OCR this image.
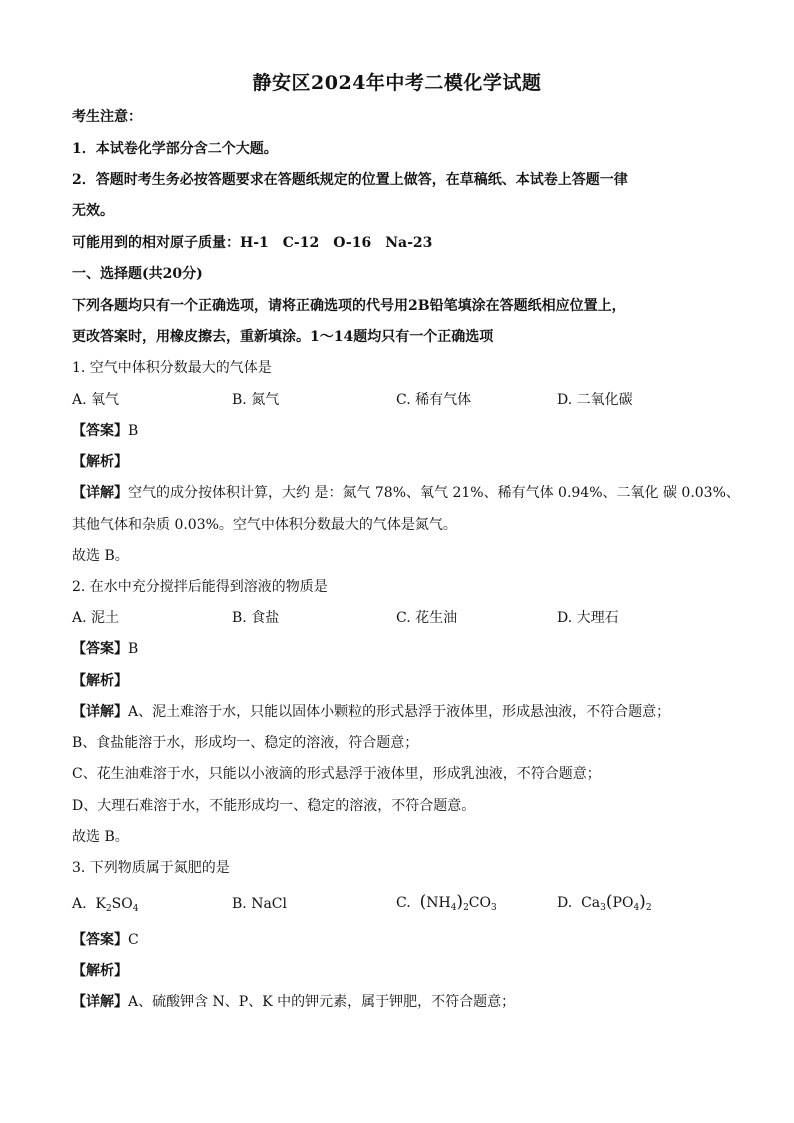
静安区2024年中考二模化学试题
考生注意：
1．本试卷化学部分含二个大题。
2．答题时考生务必按答题要求在答题纸规定的位置上做答，在草稿纸、本试卷上答题一律
无效。
可能用到的相对原子质量：H-1　C-12　O-16　Na-23
一、选择题(共20分)
下列各题均只有一个正确选项，请将正确选项的代号用2B铅笔填涂在答题纸相应位置上，
更改答案时，用橡皮擦去，重新填涂。1～14题均只有一个正确选项
1. 空气中体积分数最大的气体是
A. 氧气	B. 氮气	C. 稀有气体	D. 二氧化碳
【答案】B
【解析】
【详解】空气的成分按体积计算，大约 是：氮气 78%、氧气 21%、稀有气体 0.94%、二氧化 碳 0.03%、
其他气体和杂质 0.03%。空气中体积分数最大的气体是氮气。
故选 B。
2. 在水中充分搅拌后能得到溶液的物质是
A. 泥土	B. 食盐	C. 花生油	D. 大理石
【答案】B
【解析】
【详解】A、泥土难溶于水，只能以固体小颗粒的形式悬浮于液体里，形成悬浊液，不符合题意；
B、食盐能溶于水，形成均一、稳定的溶液，符合题意；
C、花生油难溶于水，只能以小液滴的形式悬浮于液体里，形成乳浊液，不符合题意；
D、大理石难溶于水，不能形成均一、稳定的溶液，不符合题意。
故选 B。
3. 下列物质属于氮肥的是
A. $K_2SO_4$	B. NaCl	C. $(NH_4)_2CO_3$	D. $Ca_3(PO_4)_2$
【答案】C
【解析】
【详解】A、硫酸钾含 N、P、K 中的钾元素，属于钾肥，不符合题意；
